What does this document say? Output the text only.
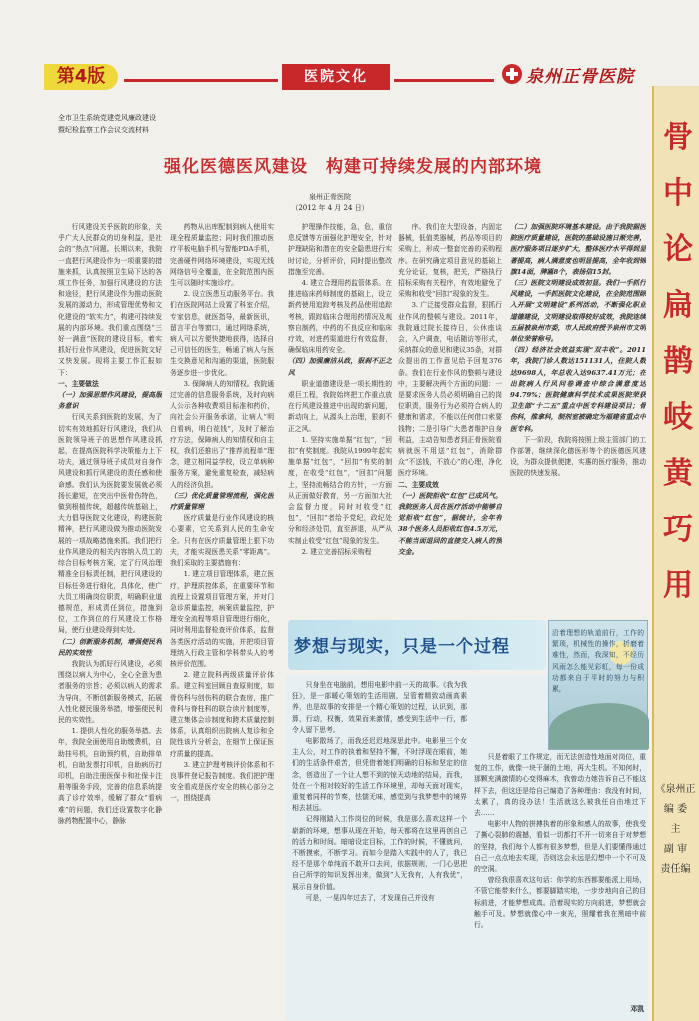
第4版	医院文化	泉州正骨医院
骨中论扁鹊岐黄巧用
《泉州正
编 委
主
副 审
责任编
全市卫生系统党建党风廉政建设
暨纪检监察工作会议交流材料
强化医德医风建设　构建可持续发展的内部环境
泉州正骨医院
（2012 年 4 月 24 日）

行风建设关乎医院的形象，关乎广大人民群众的切身利益，是社会的“热点”问题。长期以来，我院一直把行风建设作为一项重要的措施来抓，认真按照卫生局下达的各项工作任务，加强行风建设的方法和途径，把行风建设作为推动医院发展的源动力，形成管理优势和文化建设的“软实力”，构建可持续发展的内部环境。我们重点围绕“三好一满意”医院的建设目标，着实抓好行业作风建设，促进医院文好又快发展。现将主要工作汇报如下：

一、主要做法

（一）加强思想作风建设，提高服务意识

行风关系到医院的发展，为了切实有效地抓好行风建设，我们从医院领导班子的思想作风建设抓起，在提高医院科学决策能力上下功夫，通过领导班子成员对自身作风建设和抓行风建设的责任感和使命感。我们认为医院要发展就必须扬长避短，在突出中医骨伤特色，做到根植传统，超越传统基础上，大力倡导医院文化建设，构建医院精神，把行风建设做为推动医院发展的一项战略措施来抓。我们把行业作风建设的相关内容纳入员工的综合目标考核方案，定了行风治理精准全目标责任制，把行风建设的目标任务进行细化，具体化，使广大员工明确岗位职责，明确职业道德规范，形成责任到位，措施到位，工作到位的行风建设工作格局，使行业建设得到实处。

（二）创新服务机制，增强便民利民的实效性

我院认为抓好行风建设，必须围绕以病人为中心，全心全意为患者服务的宗旨；必须以病人的需求为导向，不断创新服务模式，拓展人性化便民服务举措，增强便民利民的实效性。

1. 提供人性化的服务举措。去年，我院全面使用自助缴费机，自助挂号机，自助预约机，自助排单机，自助发票打印机，自助病历打印机，自助注册医保卡和社保卡注册等服务手段，完善的信息系统提高了诊疗效率，缓解了群众“看病难”的问题，我们还设置数字化静脉药物配置中心，静脉

药物从出库配制到病人使用实现全程质量监控；同时我们推动医疗平板电脑手机与智能PDA手机，完善硬件网络环境建设，实现无线网络信号全覆盖，在全院范围内医生可以随时实施诊疗。

2. 设立医患互动服务平台。我们在医院网站上设置了科室介绍，专家信息，就医指导，最新医讯，留言平台等窗口，通过网络系统，病人可以方便快捷地获得，选择自己可信任的医生，畅通了病人与医生交换意见和沟通的渠道，医院服务逐步进一步优化。

3. 保障病人的知情权。我院通过完善的信息服务系统，及时向病人公示各种收费项目标准和药价，向社会公开服务承诺，让病人“明白看病，明白花钱”，及时了解治疗方法，保障病人的知情权和自主权，我们还推出了“推荐流程单”理念，建立相同益学校，设立单病种服务方案，避免重复检查，减轻病人的经济负担。

（三）优化质量管理流程，强化医疗质量管理

医疗质量是行业作风建设的核心要素，它关系到人民的生命安全。只有在医疗质量管理上狠下功夫，才能实现医患关系“零距离”。我们采取的主要措施有：

1. 建立项目管理体系，建立医疗，护理质控体系，在重要环节和流程上设置项目管理方案，并对门急诊质量监控，病案质量监控，护理安全流程等项目管理进行细化，同时利用监督检查评价体系，监督各类医疗活动的实施，并把项目管理纳入行政主管和学科带头人的考核评价范围。

2. 建立院科两级质量评价体系。建立科室回顾自查原则度，如骨伤科与创伤科的联合查房，推广骨科与脊柱科的联合读片制度等，建立集体会诊制度和跨术质量控制体系，认真组织出院病人复诊和全院性该片分析会，在细节上保证医疗质量的提高。

3. 建立护理考核评价体系和不良事件登记报告制度。我们把护理安全看成是医疗安全的核心部分之一，围绕提高

护理操作技能，急，危，重信息反馈等方面强化护理安全，针对护理缺陷和潜在的安全隐患进行实时讨论，分析评价，同时提出整改措施至完善。

4. 建立合理用药监管体系。在推进临床药师制度的基础上，设立新药使用追踪考核及药品使用追踪考核，跟踪临床合理用药情况及观察自制药，中药的不良反应和临床疗效，对进药渠道进行有效监督，确保临床用药安全。

（四）加强廉洁从政，狠刹不正之风

职业道德建设是一项长期性的艰巨工程，我院始终把工作重点放在行风建设推进中出现的新问题，新动向上，从源头上治理，狠刹不正之风。

1. 坚持实施单据“红包”，“回扣”有奖制度。我院从1999年起实施单据“红包”，“回扣”有奖的制度，在收受“红包”，“回扣”问题上，坚持流畅结合的方针，一方面从正面做好教育，另一方面加大社会监督力度，同时对收受“红包”，“回扣”者给予党纪，政纪处分和经济处罚，直至辞退，从严从实制止收受“红包”现象的发生。

2. 建立完善招标采购程

序。我们在大型设备，内固定器械，低值类器械，药品等项目的采购上，形成一整套完善的采购程序。在研究确定项目意见的基础上充分论证，复核，把关，严格执行招标采购有关程序，有效地避免了采购和收受“回扣”现象的发生。

3. 广泛接受群众监督，狠抓行业作风的整顿与建设。2011年，我院通过院长接待日，公休座谈会，入户调查，电话随访等形式，采纳群众的意见和建议35条，对群众提出的工作意见给予回复376条。我们在行业作风的整顿与建设中，主要解决两个方面的问题：一是要求医务人员必须明确自己的岗位职责，服务行为必须符合病人的健康和需求，不能以任何借口索要钱物；二是引导广大患者维护自身利益，主动告知患者到正骨医院看病就医不用送“红包”，消除群众“不送钱，不放心”的心理，净化医疗环境。

二、主要成效

（一）医院拒收“红包”已成风气。我院医务人员在医疗活动中能够自觉拒收“红包”，据统计，全年有38个医务人员拒收红包4.5万元，不能当面退回的直接交入病人的预交金。

（二）加强医院环境基本建设。由于我院据医院医疗质量建设，医院的基础设施日渐完善，医疗服务项目逐步扩大，整体医疗水平得到显著提高，病人满意度也明显提高，全年收到锦旗14面，牌匾8个，表扬信15封。

（三）医院文明建设成效初显。我们一手抓行风建设，一手抓医院文化建设，在全院范围除入开展“文明建设”系列活动，不断强化职业道德建设，文明建设取得较好成效，我院连续五届被泉州市委，市人民政府授予泉州市文明单位荣誉称号。

（四）经济社会效益实现“双丰收”。2011年，我院门诊人数达151131人，住院人数达9698人，年总收入达9637.41万元；在出院病人行风问卷调查中综合满意度达94.79%；医院健康科学技术成果医院荣获卫生部“十二五”重点中医专科建设项目；骨伤科，推拿科，制剂室被确定为福建省重点中医专科。

下一阶段，我院将按照上级主管部门的工作部署，继续深化德医形等个的医德医风建设，为群众提供便捷，实惠的医疗服务，推动医院的快速发展。

梦想与现实，只是一个过程
沿着理想的轨道前行，工作的繁琐，机械性的操作，折磨着难性，然而，我深知，不经历风雨怎么能见彩虹，每一份成功都来自于平时的努力与积累，

只身坐在电脑前，想用电影中前一天的故事。《我为我狂》，是一部暖心策划的生活用剧，呈管着精致动画高素养，也是故事的安排是一个精心策划的过程，认识到，那算，行动，权衡，效果而来激情，感受到生活中一行，都令人留下思考。

电影散场了，而我还迟迟地深思此中。电影里三个女主人公，对工作的执着和坚持不懈，不时浮现在眼前，她们的生活条件艰苦，但凭借着她们明确的目标和坚定的信念，创造出了一个让人想不到的惊天动地的结局，而我，处在一个相对较好的生活工作环境里，却每天面对现实，重复着同样的节奏，怯懦无味，感觉到与我梦想中的境界相去甚远。

记得刚踏入工作岗位的时候，我是那么喜欢这样一个崭新的环境，想事从现在开始，每天都将在这里再创自己的活力和时间。暗暗设定目标，工作的时候，不懂就问，不断摸索，不断学习。而如今是踏入实践中的人了，我已经不是那个单纯而不敢开口去问，依据规则，一门心思把自己所学的知识发挥出来，做到“人无我有，人有我优”，展示自身价值。

可是，一晃四年过去了，才发现自己并没有

只是着眼了工作规定，而无法创造性地面对岗位，重复的工作，就像一块干涸的土地，再大生机。不知何时，那颗充满激情的心变得麻木，我曾动力她告诉自己不能这样下去，但这还是给自己编造了各种理由：我没有时间，太累了，真的没办法！生活就这么被我任自由地过下去……

电影中人物的拼搏执着的形象和感人的故事，使我受了撕心裂肺的震撼，看似一切都打不开一切来自于对梦想的坚持，我们每个人都有很多梦想，但是人们要懂得通过自己一点点地去实现，否则这会永远是幻想中一个不可及的空洞。

曾经我很喜欢这句话：你学的东西都要能派上用场，不管它能带来什么，都要脚踏实地，一步步地向自己的目标前进，才能梦想成真。沿着现实的方向前进，梦想就会触手可及。梦想就像心中一束光，照耀着我在黑暗中前行。

邓凯
